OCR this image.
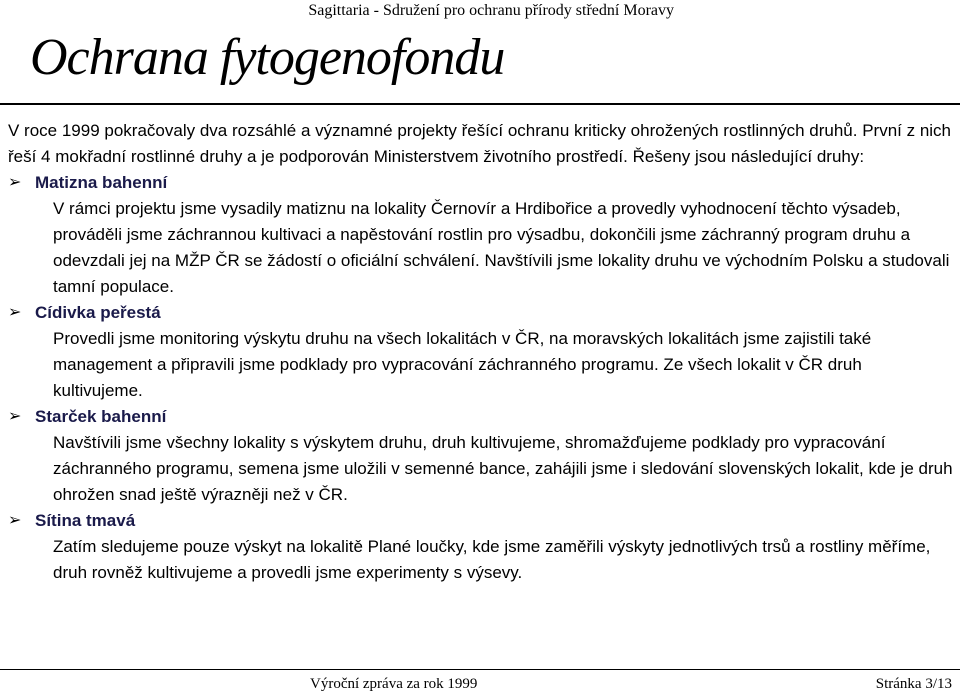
Sagittaria - Sdružení pro ochranu přírody střední Moravy
Ochrana fytogenofondu

V roce 1999 pokračovaly dva rozsáhlé a významné projekty řešící ochranu kriticky ohrožených rostlinných druhů. První z nich řeší 4 mokřadní rostlinné druhy a je podporován Ministerstvem životního prostředí. Řešeny jsou následující druhy:

➢ Matizna bahenní

V rámci projektu jsme vysadily matiznu na lokality Černovír a Hrdibořice a provedly vyhodnocení těchto výsadeb, prováděli jsme záchrannou kultivaci a napěstování rostlin pro výsadbu, dokončili jsme záchranný program druhu a odevzdali jej na MŽP ČR se žádostí o oficiální schválení. Navštívili jsme lokality druhu ve východním Polsku a studovali tamní populace.

➢ Cídivka peřestá

Provedli jsme monitoring výskytu druhu na všech lokalitách v ČR, na moravských lokalitách jsme zajistili také management a připravili jsme podklady pro vypracování záchranného programu. Ze všech lokalit v ČR druh kultivujeme.

➢ Starček bahenní

Navštívili jsme všechny lokality s výskytem druhu, druh kultivujeme, shromažďujeme podklady pro vypracování záchranného programu, semena jsme uložili v semenné bance, zahájili jsme i sledování slovenských lokalit, kde je druh ohrožen snad ještě výrazněji než v ČR.

➢ Sítina tmavá

Zatím sledujeme pouze výskyt na lokalitě Plané loučky, kde jsme zaměřili výskyty jednotlivých trsů a rostliny měříme, druh rovněž kultivujeme a provedli jsme experimenty s výsevy.

Výroční zpráva za rok 1999	Stránka 3/13
